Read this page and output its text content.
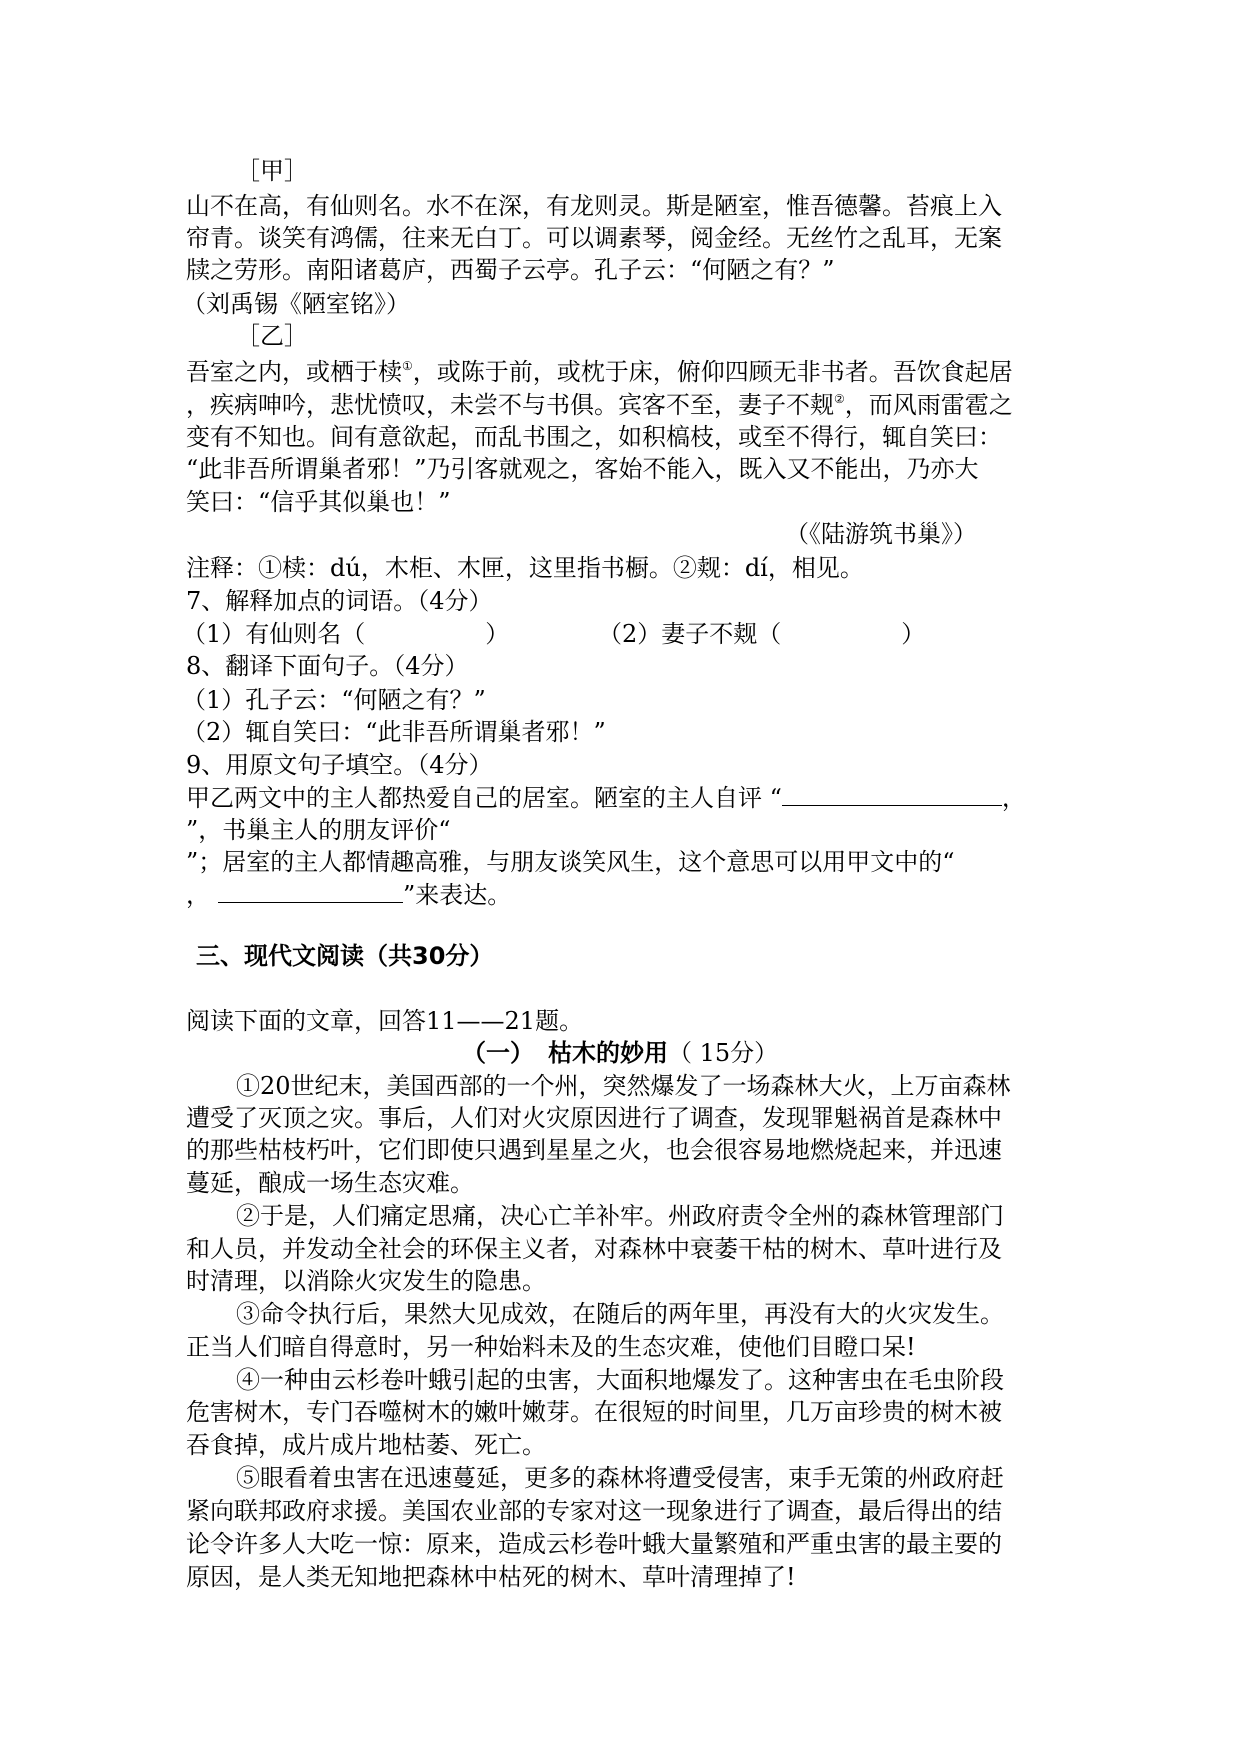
［甲］
山不在高，有仙则名。水不在深，有龙则灵。斯是陋室，惟吾德馨。苔痕上入
帘青。谈笑有鸿儒，往来无白丁。可以调素琴，阅金经。无丝竹之乱耳，无案
牍之劳形。南阳诸葛庐，西蜀子云亭。孔子云：“何陋之有？”
（刘禹锡《陋室铭》）
［乙］
吾室之内，或栖于椟①，或陈于前，或枕于床，俯仰四顾无非书者。吾饮食起居
，疾病呻吟，悲忧愤叹，未尝不与书俱。宾客不至，妻子不觌②，而风雨雷雹之
变有不知也。间有意欲起，而乱书围之，如积槁枝，或至不得行，辄自笑曰：
“此非吾所谓巢者邪！”乃引客就观之，客始不能入，既入又不能出，乃亦大
笑曰：“信乎其似巢也！”
（《陆游筑书巢》）
注释：①椟：dú，木柜、木匣，这里指书橱。②觌：dí，相见。
7、解释加点的词语。（4分）
（1）有仙则名（　　　　　）	（2）妻子不觌（　　　　　）
8、翻译下面句子。（4分）
（1）孔子云：“何陋之有？”
（2）辄自笑曰：“此非吾所谓巢者邪！”
9、用原文句子填空。（4分）
甲乙两文中的主人都热爱自己的居室。陋室的主人自评 “	，
”，书巢主人的朋友评价“
”；居室的主人都情趣高雅，与朋友谈笑风生，这个意思可以用甲文中的“
，	”来表达。
三、现代文阅读（共30分）
阅读下面的文章，回答11——21题。
（一） 枯木的妙用（ 15分）
①20世纪末，美国西部的一个州，突然爆发了一场森林大火，上万亩森林
遭受了灭顶之灾。事后，人们对火灾原因进行了调查，发现罪魁祸首是森林中
的那些枯枝朽叶，它们即使只遇到星星之火，也会很容易地燃烧起来，并迅速
蔓延，酿成一场生态灾难。
②于是，人们痛定思痛，决心亡羊补牢。州政府责令全州的森林管理部门
和人员，并发动全社会的环保主义者，对森林中衰萎干枯的树木、草叶进行及
时清理，以消除火灾发生的隐患。
③命令执行后，果然大见成效，在随后的两年里，再没有大的火灾发生。
正当人们暗自得意时，另一种始料未及的生态灾难，使他们目瞪口呆!
④一种由云杉卷叶蛾引起的虫害，大面积地爆发了。这种害虫在毛虫阶段
危害树木，专门吞噬树木的嫩叶嫩芽。在很短的时间里，几万亩珍贵的树木被
吞食掉，成片成片地枯萎、死亡。
⑤眼看着虫害在迅速蔓延，更多的森林将遭受侵害，束手无策的州政府赶
紧向联邦政府求援。美国农业部的专家对这一现象进行了调查，最后得出的结
论令许多人大吃一惊：原来，造成云杉卷叶蛾大量繁殖和严重虫害的最主要的
原因，是人类无知地把森林中枯死的树木、草叶清理掉了!
